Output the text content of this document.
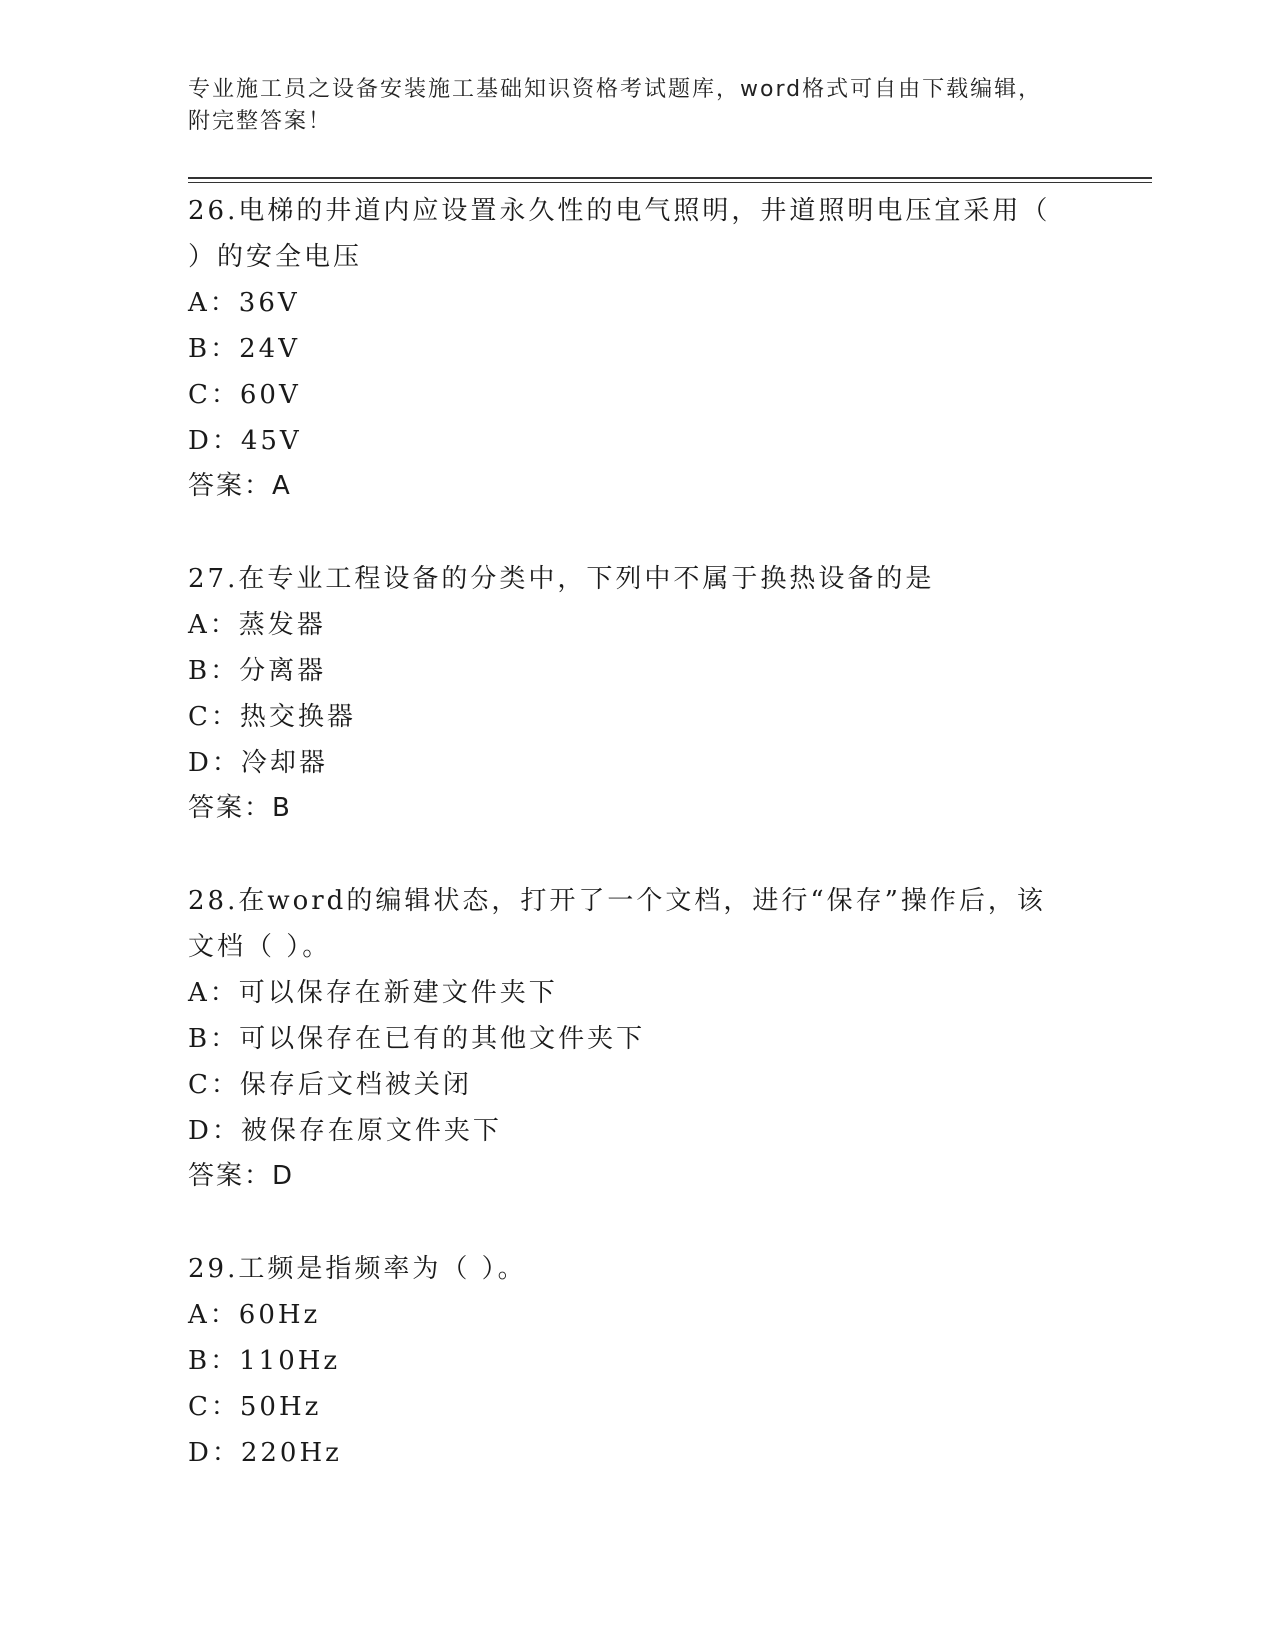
专业施工员之设备安装施工基础知识资格考试题库，word格式可自由下载编辑，
附完整答案！

26.电梯的井道内应设置永久性的电气照明，井道照明电压宜采用（

）的安全电压

A：36V

B：24V

C：60V

D：45V

答案：A

27.在专业工程设备的分类中，下列中不属于换热设备的是

A：蒸发器

B：分离器

C：热交换器

D：冷却器

答案：B

28.在word的编辑状态，打开了一个文档，进行“保存”操作后，该

文档（ ）。

A：可以保存在新建文件夹下

B：可以保存在已有的其他文件夹下

C：保存后文档被关闭

D：被保存在原文件夹下

答案：D

29.工频是指频率为（ ）。

A：60Hz

B：110Hz

C：50Hz

D：220Hz
